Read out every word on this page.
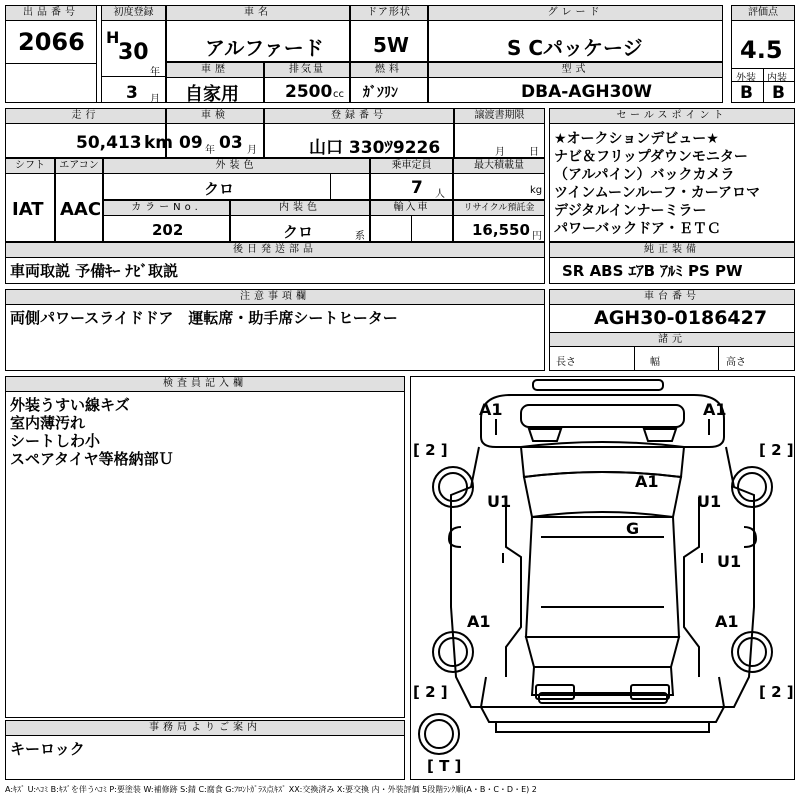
出品番号
2066
初度登録
H
30
年
3 月
車名
アルファード
ドア形状
5W
グレード
S Cパッケージ
車歴
自家用
排気量
2500 cc
燃料
ｶﾞｿﾘﾝ
型式
DBA-AGH30W
評価点
4.5
外装 内装
B B
走行
50,413 km
車検
09 年 03 月
登録番号
山口 330ﾂ9226
譲渡書期限
月 日
シフト
IAT
エアコン
AAC
外装色
クロ
乗車定員
7 人
最大積載量
kg
カラーNo.
202
内装色
クロ	系
輸入車	リサイクル預託金
16,550 円
セールスポイント
★オークションデビュー★
ナビ＆フリップダウンモニター
（アルパイン）バックカメラ
ツインムーンルーフ・カーアロマ
デジタルインナーミラー
パワーバックドア・ＥＴＣ
後日発送部品
車両取説 予備ｷｰ ﾅﾋﾞ取説
純正装備
SR ABS ｴｱB ｱﾙﾐ PS PW
注意事項欄
両側パワースライドドア　運転席・助手席シートヒーター
車台番号
AGH30-0186427
諸元
長さ	幅	高さ
検査員記入欄
外装うすい線キズ
室内薄汚れ
シートしわ小
スペアタイヤ等格納部Ｕ
事務局よりご案内
キーロック
[ 2 ]	[ 2 ]
[ 2 ]	[ 2 ]
[ T ]
A1	A1
A1
U1	U1
G
U1
A1	A1
A:ｷｽﾞ U:ﾍｺﾐ B:ｷｽﾞを伴うﾍｺﾐ P:要塗装 W:補修跡 S:錆 C:腐食 G:ﾌﾛﾝﾄｶﾞﾗｽ点ｷｽﾞ XX:交換済み X:要交換 内・外装評価 5段階ﾗﾝｸ順(A・B・C・D・E) 2
